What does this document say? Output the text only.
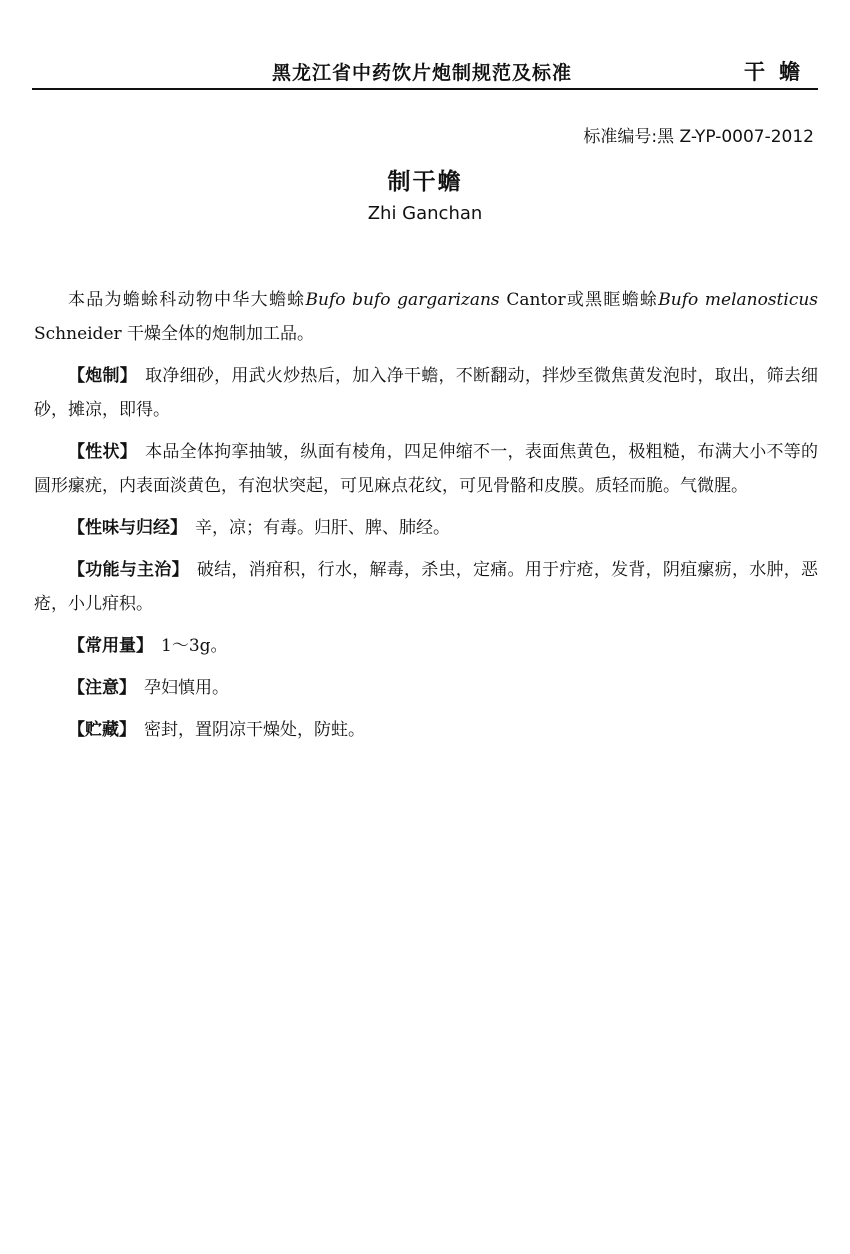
黑龙江省中药饮片炮制规范及标准	干蟾
标准编号:黑 Z-YP-0007-2012
制干蟾
Zhi Ganchan

本品为蟾蜍科动物中华大蟾蜍Bufo bufo gargarizans Cantor或黑眶蟾蜍Bufo melanosticus Schneider 干燥全体的炮制加工品。

【炮制】 取净细砂，用武火炒热后，加入净干蟾，不断翻动，拌炒至微焦黄发泡时，取出，筛去细砂，摊凉，即得。

【性状】 本品全体拘挛抽皱，纵面有棱角，四足伸缩不一，表面焦黄色，极粗糙，布满大小不等的圆形瘰疣，内表面淡黄色，有泡状突起，可见麻点花纹，可见骨骼和皮膜。质轻而脆。气微腥。

【性味与归经】 辛，凉；有毒。归肝、脾、肺经。

【功能与主治】 破结，消疳积，行水，解毒，杀虫，定痛。用于疔疮，发背，阴疽瘰疬，水肿，恶疮，小儿疳积。

【常用量】 1～3g。

【注意】 孕妇慎用。

【贮藏】 密封，置阴凉干燥处，防蛀。
